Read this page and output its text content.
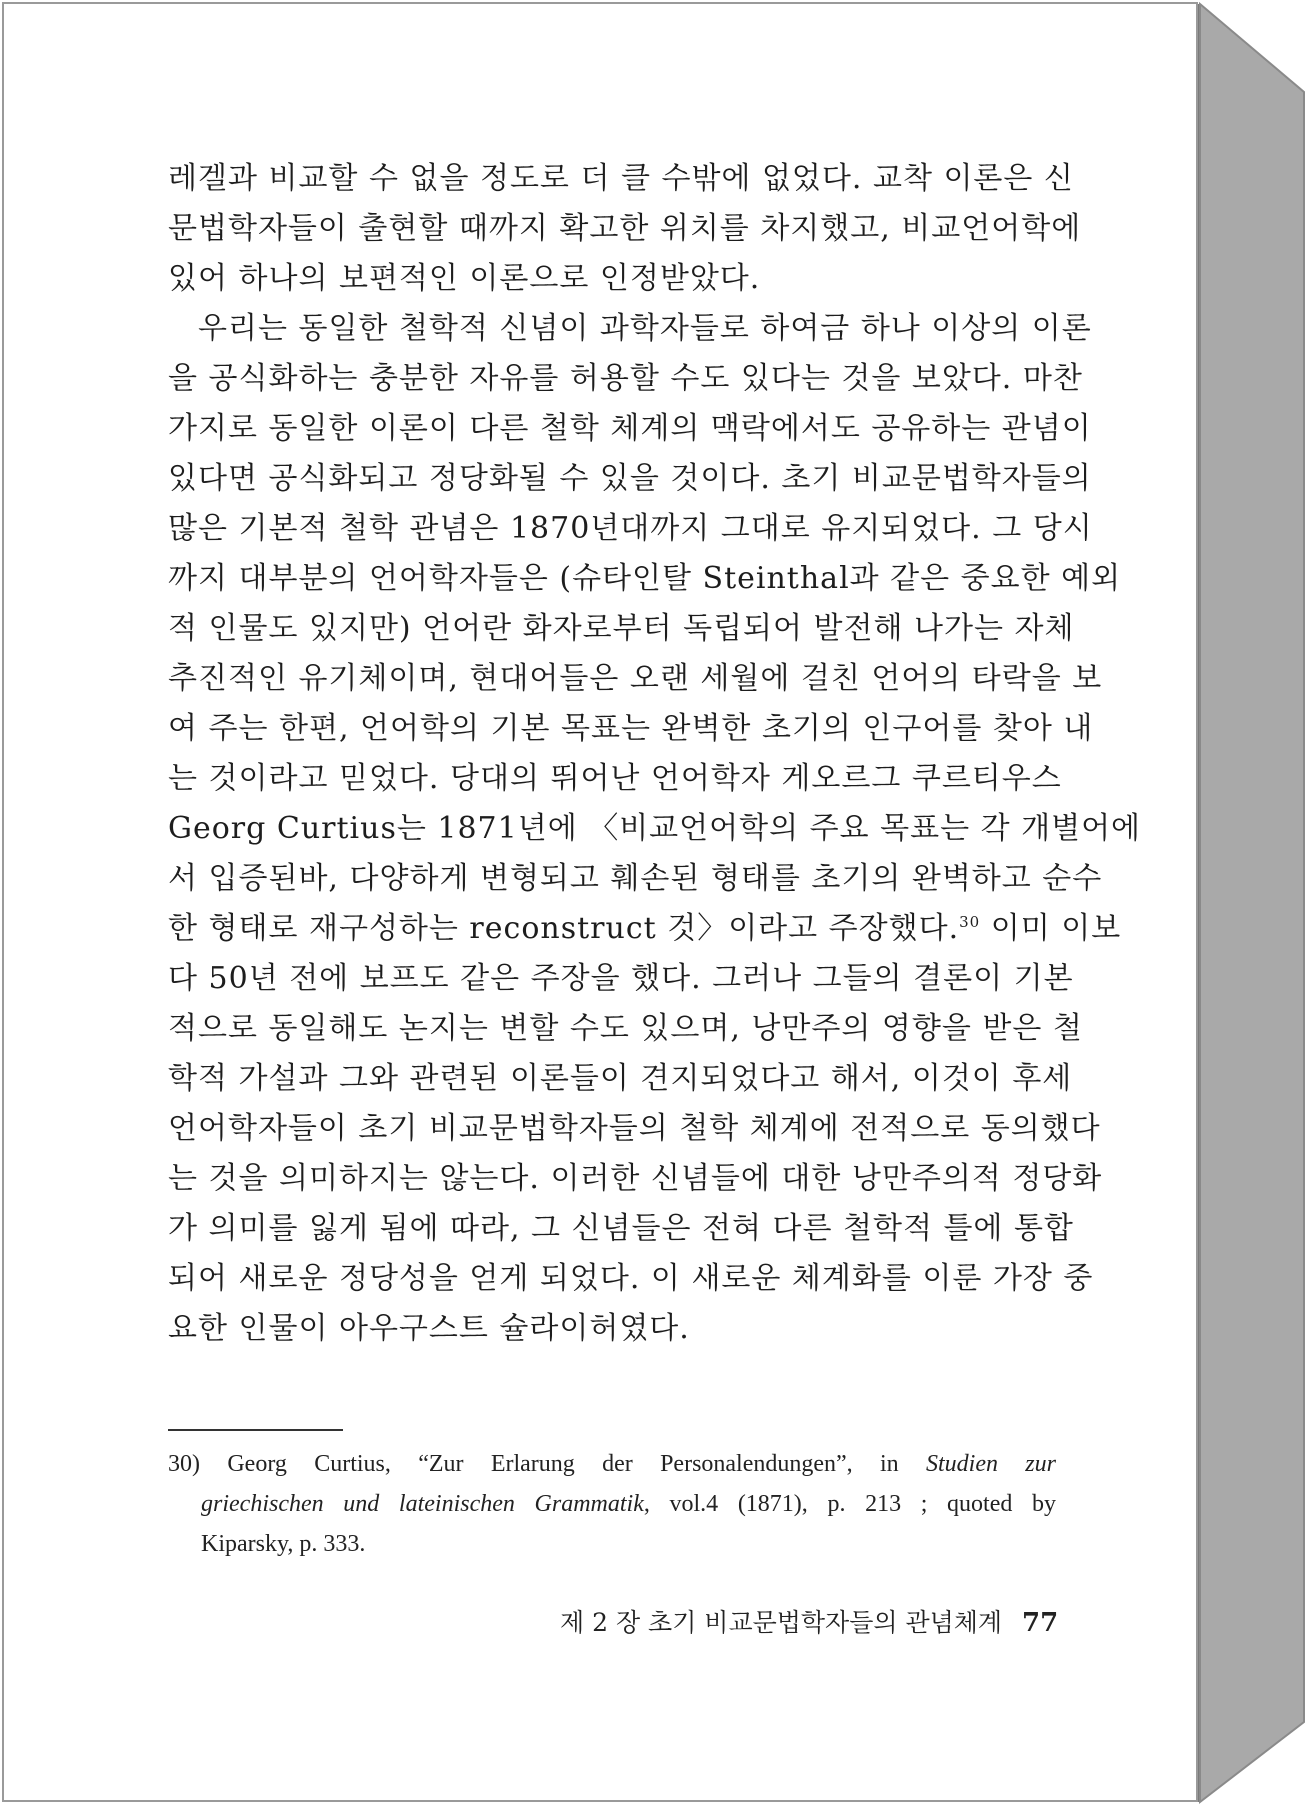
레겔과 비교할 수 없을 정도로 더 클 수밖에 없었다. 교착 이론은 신
문법학자들이 출현할 때까지 확고한 위치를 차지했고, 비교언어학에
있어 하나의 보편적인 이론으로 인정받았다.
우리는 동일한 철학적 신념이 과학자들로 하여금 하나 이상의 이론
을 공식화하는 충분한 자유를 허용할 수도 있다는 것을 보았다. 마찬
가지로 동일한 이론이 다른 철학 체계의 맥락에서도 공유하는 관념이
있다면 공식화되고 정당화될 수 있을 것이다. 초기 비교문법학자들의
많은 기본적 철학 관념은 1870년대까지 그대로 유지되었다. 그 당시
까지 대부분의 언어학자들은 (슈타인탈 Steinthal과 같은 중요한 예외
적 인물도 있지만) 언어란 화자로부터 독립되어 발전해 나가는 자체
추진적인 유기체이며, 현대어들은 오랜 세월에 걸친 언어의 타락을 보
여 주는 한편, 언어학의 기본 목표는 완벽한 초기의 인구어를 찾아 내
는 것이라고 믿었다. 당대의 뛰어난 언어학자 게오르그 쿠르티우스
Georg Curtius는 1871년에 〈비교언어학의 주요 목표는 각 개별어에
서 입증된바, 다양하게 변형되고 훼손된 형태를 초기의 완벽하고 순수
한 형태로 재구성하는 reconstruct 것〉이라고 주장했다.$^{30}$ 이미 이보
다 50년 전에 보프도 같은 주장을 했다. 그러나 그들의 결론이 기본
적으로 동일해도 논지는 변할 수도 있으며, 낭만주의 영향을 받은 철
학적 가설과 그와 관련된 이론들이 견지되었다고 해서, 이것이 후세
언어학자들이 초기 비교문법학자들의 철학 체계에 전적으로 동의했다
는 것을 의미하지는 않는다. 이러한 신념들에 대한 낭만주의적 정당화
가 의미를 잃게 됨에 따라, 그 신념들은 전혀 다른 철학적 틀에 통합
되어 새로운 정당성을 얻게 되었다. 이 새로운 체계화를 이룬 가장 중
요한 인물이 아우구스트 슐라이허였다.
30) Georg Curtius, “Zur Erlarung der Personalendungen”, in Studien zur
griechischen und lateinischen Grammatik, vol.4 (1871), p. 213 ; quoted by
Kiparsky, p. 333.
제 2 장 초기 비교문법학자들의 관념체계 77
